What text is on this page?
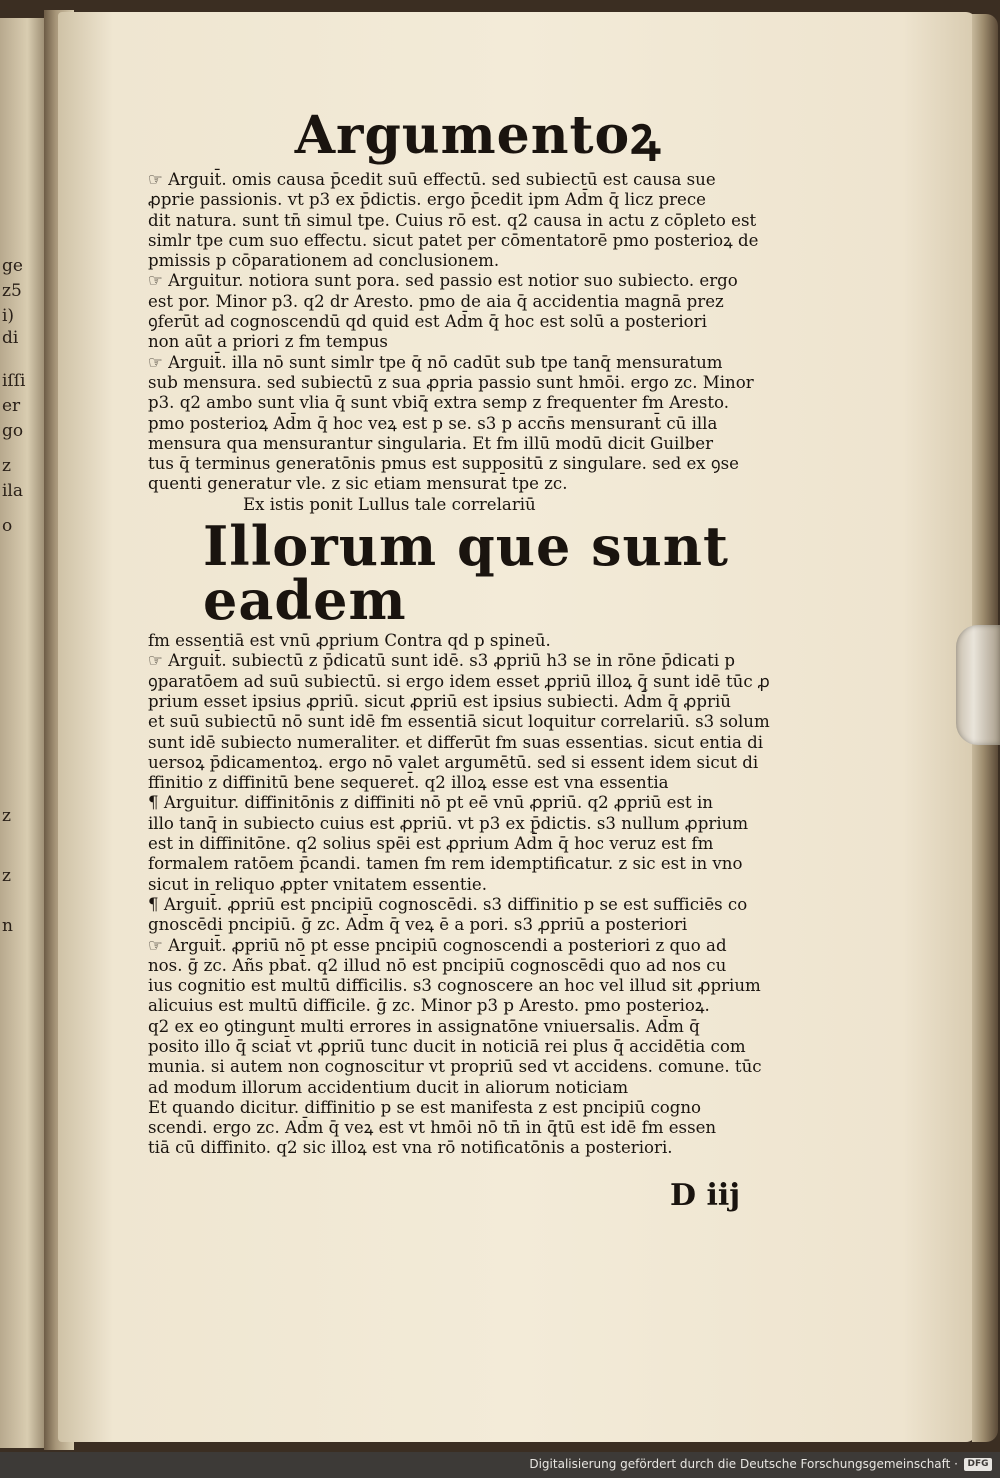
ge
z5
i)
di
iſſi
er
go
z
ila
o
z
z
n

Argumentoꝝ

☞ Arguit̄. omis causa p̄cedit suū effectū. sed subiectū est causa sue

ꝓprie passionis. vt p3 ex p̄dictis. ergo p̄cedit ipm Ad̄m q̄ licz prece

dit natura. sunt tn̄ simul tpe. Cuius rō est. q2 causa in actu z cōpleto est

simlr tpe cum suo effectu. sicut patet per cōmentatorē pmo posterioꝝ de

pmissis p cōparationem ad conclusionem.

☞ Arguitur. notiora sunt pora. sed passio est notior suo subiecto. ergo

est por. Minor p3. q2 dr Aresto. pmo de aia q̄ accidentia magnā prez

ꝯferūt ad cognoscendū qd quid est Ad̄m q̄ hoc est solū a posteriori

non aūt a priori z fm tempus

☞ Arguit̄. illa nō sunt simlr tpe q̄ nō cadūt sub tpe tanq̄ mensuratum

sub mensura. sed subiectū z sua ꝓpria passio sunt hmōi. ergo zc. Minor

p3. q2 ambo sunt vlia q̄ sunt vbiq̄ extra semp z frequenter fm Aresto.

pmo posterioꝝ Ad̄m q̄ hoc veꝝ est p se. s3 p accn̄s mensurant̄ cū illa

mensura qua mensurantur singularia. Et fm illū modū dicit Guilber

tus q̄ terminus generatōnis pmus est suppositū z singulare. sed ex ꝯse

quenti generatur vle. z sic etiam mensurat̄ tpe zc.

Ex istis ponit Lullus tale correlariū

Illorum que sunt eadem

fm essentiā est vnū ꝓprium Contra qd p spineū.

☞ Arguit̄. subiectū z p̄dicatū sunt idē. s3 ꝓpriū h3 se in rōne p̄dicati p

ꝯparatōem ad suū subiectū. si ergo idem esset ꝓpriū illoꝝ q̄ sunt idē tūc ꝓ

prium esset ipsius ꝓpriū. sicut ꝓpriū est ipsius subiecti. Ad̄m q̄ ꝓpriū

et suū subiectū nō sunt idē fm essentiā sicut loquitur correlariū. s3 solum

sunt idē subiecto numeraliter. et differūt fm suas essentias. sicut entia di

uersoꝝ p̄dicamentoꝝ. ergo nō valet argumētū. sed si essent idem sicut di

ffinitio z diffinitū bene sequeret̄. q2 illoꝝ esse est vna essentia

¶ Arguitur. diffinitōnis z diffiniti nō pt eē vnū ꝓpriū. q2 ꝓpriū est in

illo tanq̄ in subiecto cuius est ꝓpriū. vt p3 ex p̄dictis. s3 nullum ꝓprium

est in diffinitōne. q2 solius spēi est ꝓprium Ad̄m q̄ hoc veruz est fm

formalem ratōem p̄candi. tamen fm rem idemptificatur. z sic est in vno

sicut in reliquo ꝓpter vnitatem essentie.

¶ Arguit̄. ꝓpriū est pncipiū cognoscēdi. s3 diffinitio p se est sufficiēs co

gnoscēdi pncipiū. ḡ zc. Ad̄m q̄ veꝝ ē a pori. s3 ꝓpriū a posteriori

☞ Arguit̄. ꝓpriū nō pt esse pncipiū cognoscendi a posteriori z quo ad

nos. ḡ zc. Añs pbat̄. q2 illud nō est pncipiū cognoscēdi quo ad nos cu

ius cognitio est multū difficilis. s3 cognoscere an hoc vel illud sit ꝓprium

alicuius est multū difficile. ḡ zc. Minor p3 p Aresto. pmo posterioꝝ.

q2 ex eo ꝯtingunt multi errores in assignatōne vniuersalis. Ad̄m q̄

posito illo q̄ sciat̄ vt ꝓpriū tunc ducit in noticiā rei plus q̄ accidētia com

munia. si autem non cognoscitur vt propriū sed vt accidens. comune. tūc

ad modum illorum accidentium ducit in aliorum noticiam

Et quando dicitur. diffinitio p se est manifesta z est pncipiū cogno

scendi. ergo zc. Ad̄m q̄ veꝝ est vt hmōi nō tn̄ in q̄tū est idē fm essen

tiā cū diffinito. q2 sic illoꝝ est vna rō notificatōnis a posteriori.

D iij
Digitalisierung gefördert durch die Deutsche Forschungsgemeinschaft ·	DFG
